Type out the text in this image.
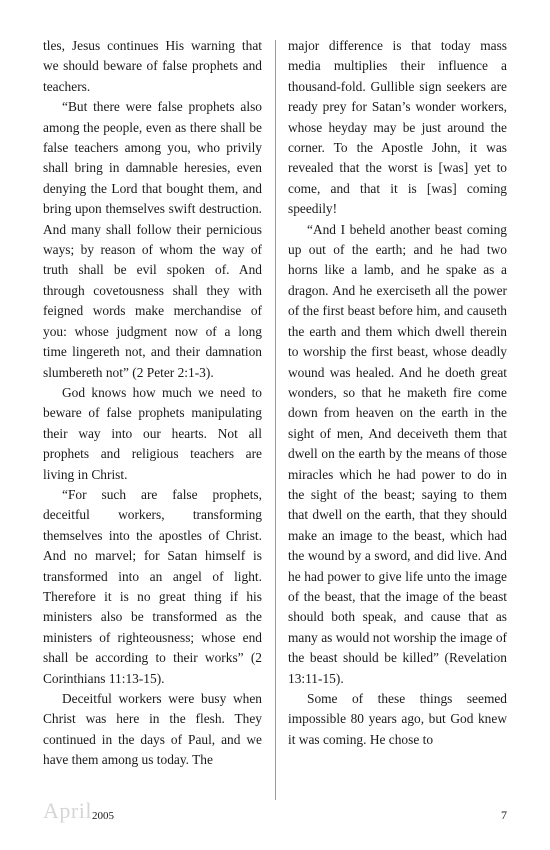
tles, Jesus continues His warning that we should beware of false prophets and teachers.

“But there were false prophets also among the people, even as there shall be false teachers among you, who privily shall bring in damnable heresies, even denying the Lord that bought them, and bring upon themselves swift destruction. And many shall follow their pernicious ways; by reason of whom the way of truth shall be evil spoken of. And through covetousness shall they with feigned words make merchandise of you: whose judgment now of a long time lingereth not, and their damnation slumbereth not” (2 Peter 2:1-3).

God knows how much we need to beware of false prophets manipulating their way into our hearts. Not all prophets and religious teachers are living in Christ.

“For such are false prophets, deceitful workers, transforming themselves into the apostles of Christ. And no marvel; for Satan himself is transformed into an angel of light. Therefore it is no great thing if his ministers also be transformed as the ministers of righteousness; whose end shall be according to their works” (2 Corinthians 11:13-15).

Deceitful workers were busy when Christ was here in the flesh. They continued in the days of Paul, and we have them among us today. The

major difference is that today mass media multiplies their influence a thousand-fold. Gullible sign seekers are ready prey for Satan’s wonder workers, whose heyday may be just around the corner. To the Apostle John, it was revealed that the worst is [was] yet to come, and that it is [was] coming speedily!

“And I beheld another beast coming up out of the earth; and he had two horns like a lamb, and he spake as a dragon. And he exerciseth all the power of the first beast before him, and causeth the earth and them which dwell therein to worship the first beast, whose deadly wound was healed. And he doeth great wonders, so that he maketh fire come down from heaven on the earth in the sight of men, And deceiveth them that dwell on the earth by the means of those miracles which he had power to do in the sight of the beast; saying to them that dwell on the earth, that they should make an image to the beast, which had the wound by a sword, and did live. And he had power to give life unto the image of the beast, that the image of the beast should both speak, and cause that as many as would not worship the image of the beast should be killed” (Revelation 13:11-15).

Some of these things seemed impossible 80 years ago, but God knew it was coming. He chose to

April 2005	7
